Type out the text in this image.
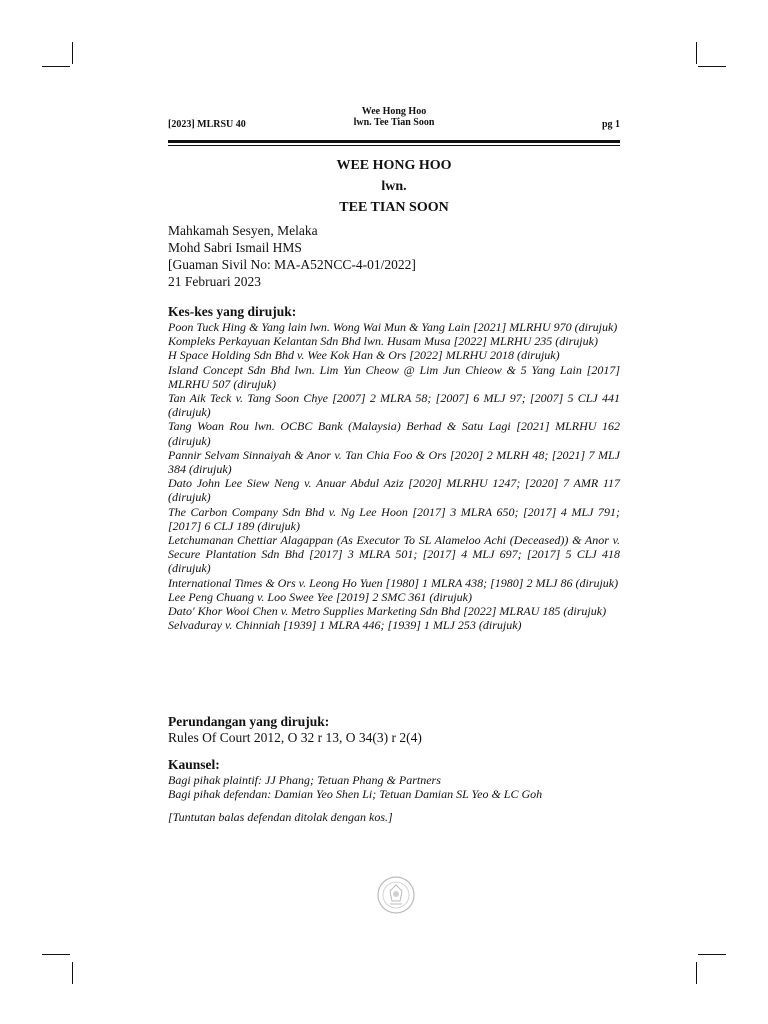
[2023] MLRSU 40
Wee Hong Hoo
lwn. Tee Tian Soon	pg 1
WEE HONG HOO
lwn.
TEE TIAN SOON
Mahkamah Sesyen, Melaka
Mohd Sabri Ismail HMS
[Guaman Sivil No: MA-A52NCC-4-01/2022]
21 Februari 2023
Kes-kes yang dirujuk:
Poon Tuck Hing & Yang lain lwn. Wong Wai Mun & Yang Lain [2021] MLRHU 970 (dirujuk)
Kompleks Perkayuan Kelantan Sdn Bhd lwn. Husam Musa [2022] MLRHU 235 (dirujuk)
H Space Holding Sdn Bhd v. Wee Kok Han & Ors [2022] MLRHU 2018 (dirujuk)
Island Concept Sdn Bhd lwn. Lim Yun Cheow @ Lim Jun Chieow & 5 Yang Lain [2017] MLRHU 507 (dirujuk)
Tan Aik Teck v. Tang Soon Chye [2007] 2 MLRA 58; [2007] 6 MLJ 97; [2007] 5 CLJ 441 (dirujuk)
Tang Woan Rou lwn. OCBC Bank (Malaysia) Berhad & Satu Lagi [2021] MLRHU 162 (dirujuk)
Pannir Selvam Sinnaiyah & Anor v. Tan Chia Foo & Ors [2020] 2 MLRH 48; [2021] 7 MLJ 384 (dirujuk)
Dato John Lee Siew Neng v. Anuar Abdul Aziz [2020] MLRHU 1247; [2020] 7 AMR 117 (dirujuk)
The Carbon Company Sdn Bhd v. Ng Lee Hoon [2017] 3 MLRA 650; [2017] 4 MLJ 791; [2017] 6 CLJ 189 (dirujuk)
Letchumanan Chettiar Alagappan (As Executor To SL Alameloo Achi (Deceased)) & Anor v. Secure Plantation Sdn Bhd [2017] 3 MLRA 501; [2017] 4 MLJ 697; [2017] 5 CLJ 418 (dirujuk)
International Times & Ors v. Leong Ho Yuen [1980] 1 MLRA 438; [1980] 2 MLJ 86 (dirujuk)
Lee Peng Chuang v. Loo Swee Yee [2019] 2 SMC 361 (dirujuk)
Dato' Khor Wooi Chen v. Metro Supplies Marketing Sdn Bhd [2022] MLRAU 185 (dirujuk)
Selvaduray v. Chinniah [1939] 1 MLRA 446; [1939] 1 MLJ 253 (dirujuk)
Perundangan yang dirujuk:
Rules Of Court 2012, O 32 r 13, O 34(3) r 2(4)
Kaunsel:
Bagi pihak plaintif: JJ Phang; Tetuan Phang & Partners
Bagi pihak defendan: Damian Yeo Shen Li; Tetuan Damian SL Yeo & LC Goh
[Tuntutan balas defendan ditolak dengan kos.]
